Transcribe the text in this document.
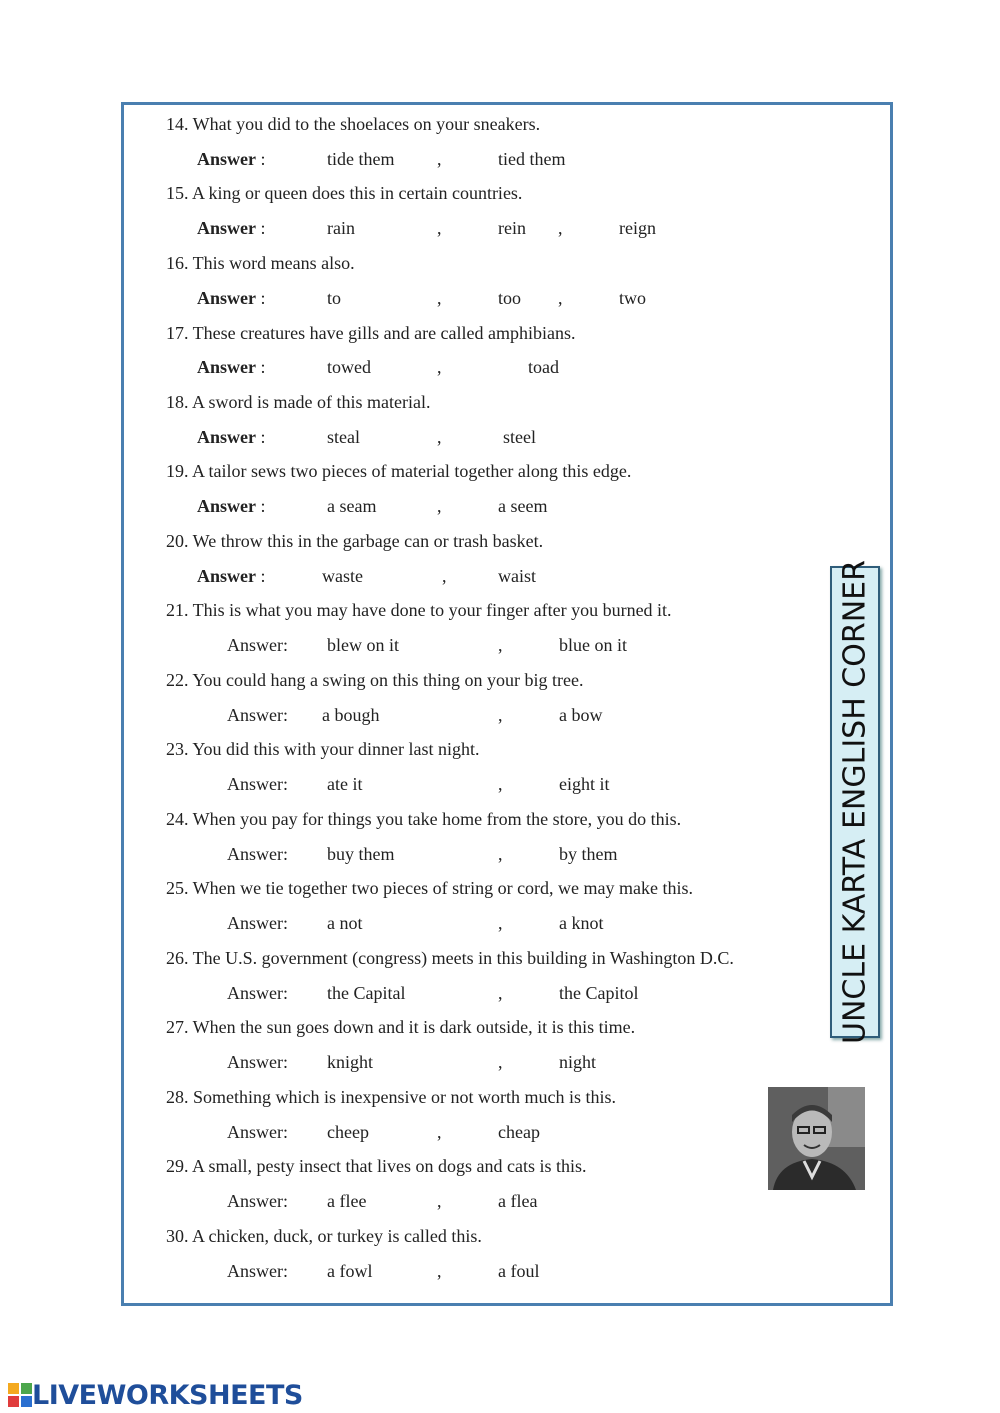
14. What you did to the shoelaces on your sneakers.
Answer :	tide them ,	tied them
15. A king or queen does this in certain countries.
Answer :	rain	,	rein ,	reign
16. This word means also.
Answer :	to	,	too ,	two
17. These creatures have gills and are called amphibians.
Answer :	towed	,	toad
18. A sword is made of this material.
Answer :	steal	,	steel
19. A tailor sews two pieces of material together along this edge.
Answer :	a seam	,	a seem
20. We throw this in the garbage can or trash basket.
Answer :	waste	,	waist
21. This is what you may have done to your finger after you burned it.
Answer: blew on it	,	blue on it
22. You could hang a swing on this thing on your big tree.
Answer: a bough	,	a bow
23. You did this with your dinner last night.
Answer: ate it	,	eight it
24. When you pay for things you take home from the store, you do this.
Answer: buy them	,	by them
25. When we tie together two pieces of string or cord, we may make this.
Answer: a not	,	a knot
26. The U.S. government (congress) meets in this building in Washington D.C.
Answer: the Capital	,	the Capitol
27. When the sun goes down and it is dark outside, it is this time.
Answer: knight	,	night
28. Something which is inexpensive or not worth much is this.
Answer: cheep	,	cheap
29. A small, pesty insect that lives on dogs and cats is this.
Answer: a flee	,	a flea
30. A chicken, duck, or turkey is called this.
Answer: a fowl	,	a foul
UNCLE KARTA ENGLISH CORNER
LIVEWORKSHEETS
